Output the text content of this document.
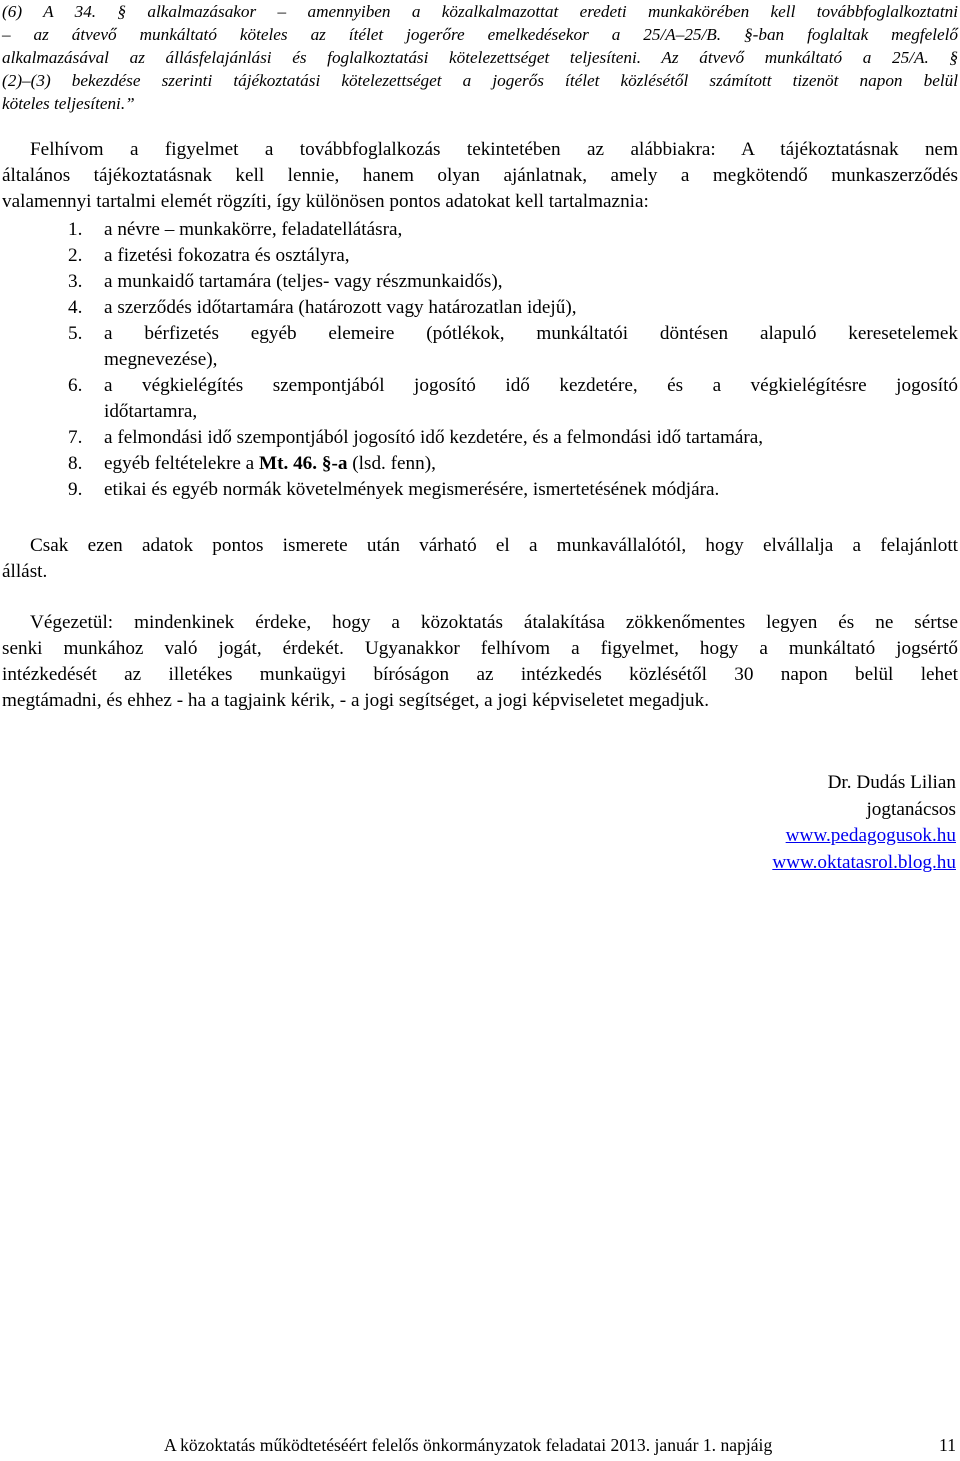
(6) A 34. § alkalmazásakor – amennyiben a közalkalmazottat eredeti munkakörében kell továbbfoglalkoztatni
– az átvevő munkáltató köteles az ítélet jogerőre emelkedésekor a 25/A–25/B. §-ban foglaltak megfelelő
alkalmazásával az állásfelajánlási és foglalkoztatási kötelezettséget teljesíteni. Az átvevő munkáltató a 25/A. §
(2)–(3) bekezdése szerinti tájékoztatási kötelezettséget a jogerős ítélet közlésétől számított tizenöt napon belül
köteles teljesíteni.”
Felhívom a figyelmet a továbbfoglalkozás tekintetében az alábbiakra: A tájékoztatásnak nem
általános tájékoztatásnak kell lennie, hanem olyan ajánlatnak, amely a megkötendő munkaszerződés
valamennyi tartalmi elemét rögzíti, így különösen pontos adatokat kell tartalmaznia:
1. a névre – munkakörre, feladatellátásra,
2. a fizetési fokozatra és osztályra,
3. a munkaidő tartamára (teljes- vagy részmunkaidős),
4. a szerződés időtartamára (határozott vagy határozatlan idejű),
5. a bérfizetés egyéb elemeire (pótlékok, munkáltatói döntésen alapuló keresetelemek
megnevezése),
6. a végkielégítés szempontjából jogosító idő kezdetére, és a végkielégítésre jogosító
időtartamra,
7. a felmondási idő szempontjából jogosító idő kezdetére, és a felmondási idő tartamára,
8. egyéb feltételekre a Mt. 46. §-a (lsd. fenn),
9. etikai és egyéb normák követelmények megismerésére, ismertetésének módjára.
Csak ezen adatok pontos ismerete után várható el a munkavállalótól, hogy elvállalja a felajánlott
állást.
Végezetül: mindenkinek érdeke, hogy a közoktatás átalakítása zökkenőmentes legyen és ne sértse
senki munkához való jogát, érdekét. Ugyanakkor felhívom a figyelmet, hogy a munkáltató jogsértő
intézkedését az illetékes munkaügyi bíróságon az intézkedés közlésétől 30 napon belül lehet
megtámadni, és ehhez - ha a tagjaink kérik, - a jogi segítséget, a jogi képviseletet megadjuk.
Dr. Dudás Lilian
jogtanácsos
www.pedagogusok.hu
www.oktatasrol.blog.hu
A közoktatás működtetéséért felelős önkormányzatok feladatai 2013. január 1. napjáig	11
